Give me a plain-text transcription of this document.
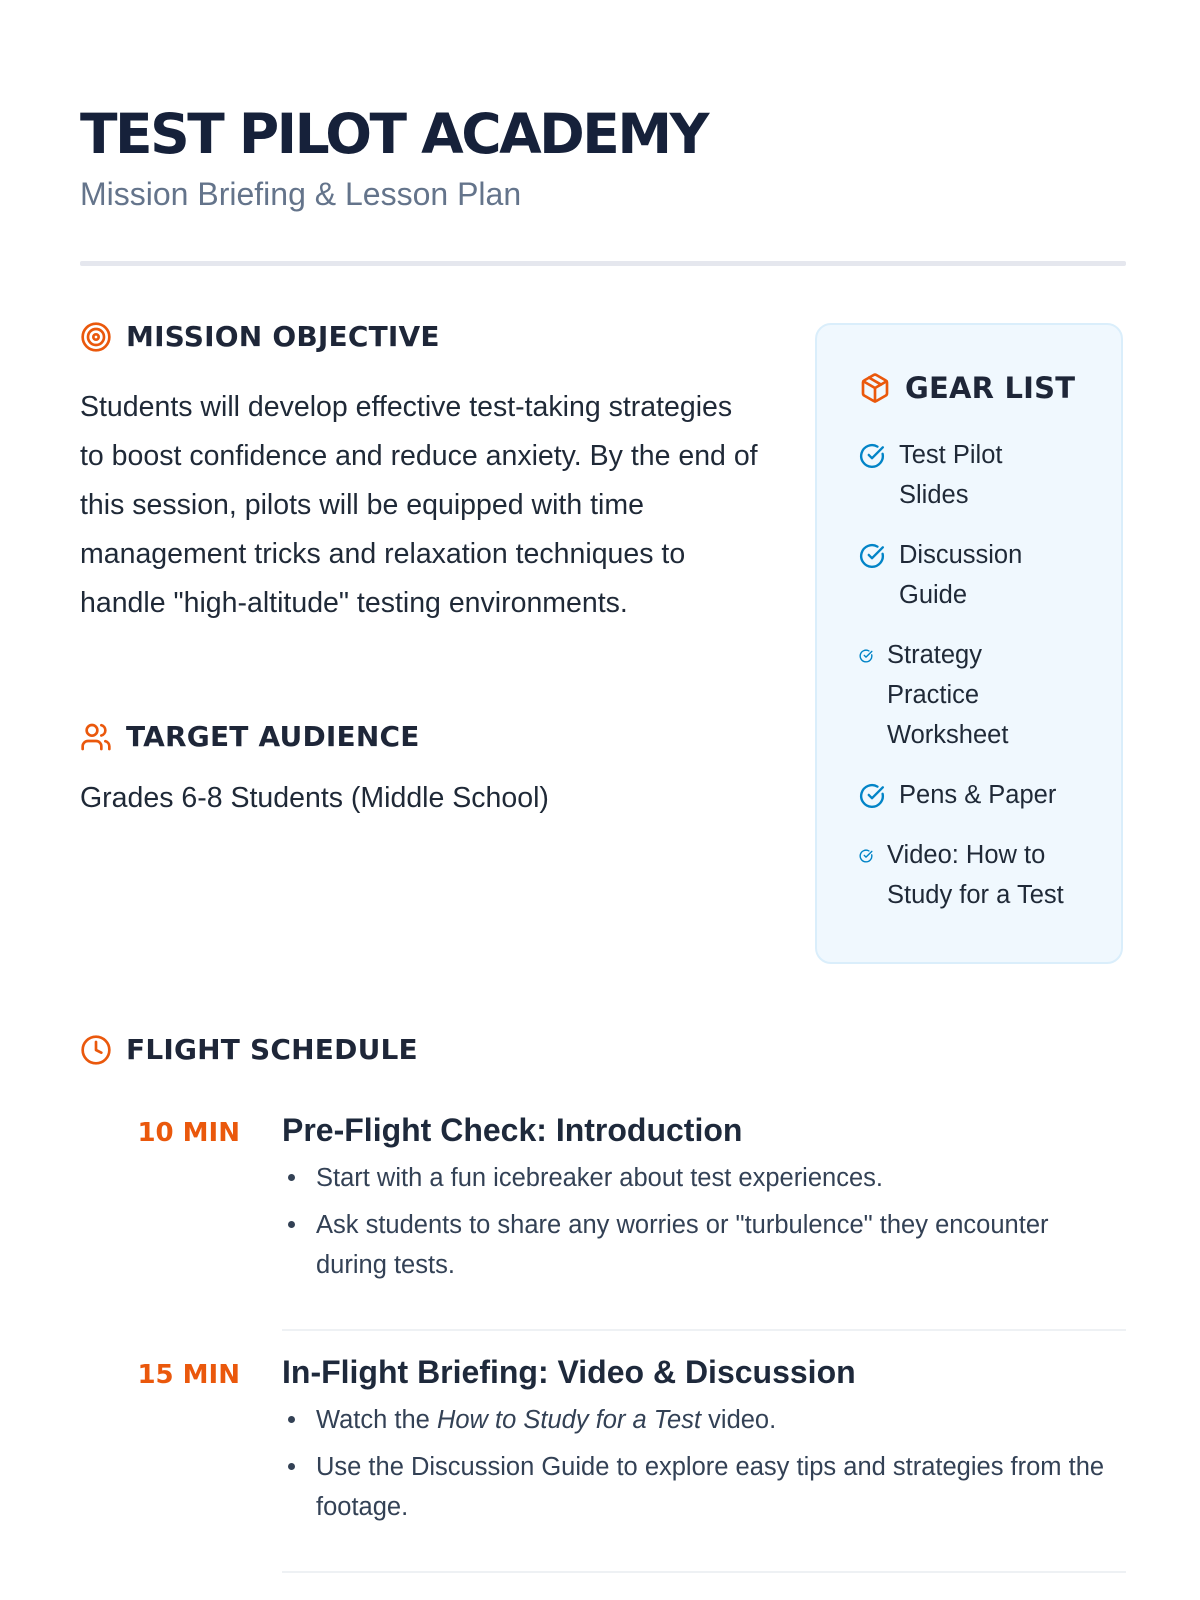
TEST PILOT ACADEMY
Mission Briefing & Lesson Plan
MISSION OBJECTIVE

Students will develop effective test-taking strategies to boost confidence and reduce anxiety. By the end of this session, pilots will be equipped with time management tricks and relaxation techniques to handle "high-altitude" testing environments.

TARGET AUDIENCE
Grades 6-8 Students (Middle School)
GEAR LIST
Test Pilot Slides
Discussion Guide
Strategy Practice Worksheet
Pens & Paper
Video: How to Study for a Test
FLIGHT SCHEDULE
10 MIN Pre-Flight Check: Introduction
Start with a fun icebreaker about test experiences.
Ask students to share any worries or "turbulence" they encounter during tests.
15 MIN In-Flight Briefing: Video & Discussion
Watch the How to Study for a Test video.
Use the Discussion Guide to explore easy tips and strategies from the footage.
